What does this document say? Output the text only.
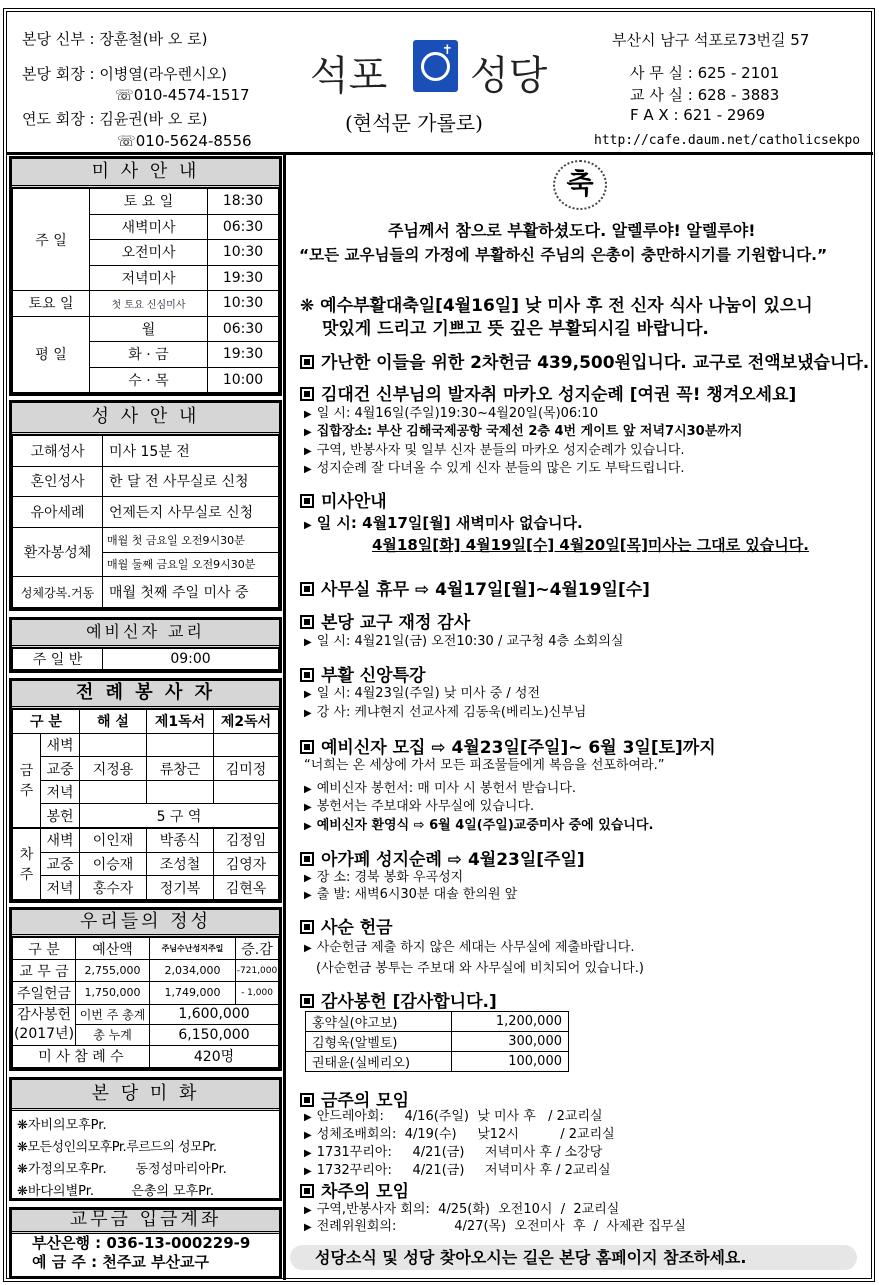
본당 신부 : 장훈철(바 오 로)
본당 회장 : 이병열(라우렌시오)
☏010-4574-1517
연도 회장 : 김윤권(바 오 로)
☏010-5624-8556
석포
✝
성당
(현석문 가롤로)
부산시 남구 석포로73번길 57
사 무 실 : 625 - 2101
교 사 실 : 628 - 3883
F A X : 621 - 2969
http://cafe.daum.net/catholicsekpo
미 사 안 내
주 일	토 요 일	18:30
	새벽미사	06:30
	오전미사	10:30
	저녁미사	19:30
토요 일	첫 토요 신심미사	10:30
평 일	월	06:30
	화 · 금	19:30
	수 · 목	10:00
성 사 안 내
고해성사	미사 15분 전
혼인성사	한 달 전 사무실로 신청
유아세례	언제든지 사무실로 신청
환자봉성체	매월 첫 금요일 오전9시30분
	매월 둘째 금요일 오전9시30분
성체강복.거동	매월 첫째 주일 미사 중
예비신자 교리
주 일 반	09:00
전 례 봉 사 자
구 분		해 설	제1독서	제2독서
금 주	새벽			
	교중	지정용	류창근	김미정
	저녁			
	봉헌	5 구 역		
차 주	새벽	이인재	박종식	김정임
	교중	이승재	조성철	김영자
	저녁	홍수자	정기복	김현옥
우리들의 정성
구 분	예산액	주님수난성지주일	증.감
교 무 금	2,755,000	2,034,000	-721,000
주일헌금	1,750,000	1,749,000	- 1,000
감사봉헌 (2017년)	이번 주 총계	1,600,000	
	총 누계	6,150,000	
미 사 참 례 수		420명	
본 당 미 화
❋자비의모후Pr.
❋모든성인의모후Pr.루르드의 성모Pr.
❋가정의모후Pr.       동정성마리아Pr.
❋바다의별Pr.         은총의 모후Pr.
교무금 입금계좌
부산은행 : 036-13-000229-9
예 금 주 : 천주교 부산교구
축
주님께서 참으로 부활하셨도다. 알렐루야! 알렐루야!
“모든 교우님들의 가정에 부활하신 주님의 은총이 충만하시기를 기원합니다.”
❋ 예수부활대축일[4월16일] 낮 미사 후 전 신자 식사 나눔이 있으니
맛있게 드리고 기쁘고 뜻 깊은 부활되시길 바랍니다.
가난한 이들을 위한 2차헌금 439,500원입니다. 교구로 전액보냈습니다.
김대건 신부님의 발자취 마카오 성지순례 [여권 꼭! 챙겨오세요]
▶ 일 시: 4월16일(주일)19:30~4월20일(목)06:10
▶ 집합장소: 부산 김해국제공항 국제선 2층 4번 게이트 앞 저녁7시30분까지
▶ 구역, 반봉사자 및 일부 신자 분들의 마카오 성지순례가 있습니다.
▶ 성지순례 잘 다녀올 수 있게 신자 분들의 많은 기도 부탁드립니다.
미사안내
▶ 일 시: 4월17일[월] 새벽미사 없습니다.
4월18일[화] 4월19일[수] 4월20일[목]미사는 그대로 있습니다.
사무실 휴무 ⇨ 4월17일[월]~4월19일[수]
본당 교구 재정 감사
▶ 일 시: 4월21일(금) 오전10:30 / 교구청 4층 소회의실
부활 신앙특강
▶ 일 시: 4월23일(주일) 낮 미사 중 / 성전
▶ 강 사: 케냐현지 선교사제 김동욱(베리노)신부님
예비신자 모집 ⇨ 4월23일[주일]~ 6월 3일[토]까지
“너희는 온 세상에 가서 모든 피조물들에게 복음을 선포하여라.”
▶ 예비신자 봉헌서: 매 미사 시 봉헌서 받습니다.
▶ 봉헌서는 주보대와 사무실에 있습니다.
▶ 예비신자 환영식 ⇨ 6월 4일(주일)교중미사 중에 있습니다.
아가페 성지순례 ⇨ 4월23일[주일]
▶ 장 소: 경북 봉화 우곡성지
▶ 출 발: 새벽6시30분 대솔 한의원 앞
사순 헌금
▶ 사순헌금 제출 하지 않은 세대는 사무실에 제출바랍니다.
(사순헌금 봉투는 주보대 와 사무실에 비치되어 있습니다.)
감사봉헌 [감사합니다.]
홍약실(야고보)	1,200,000
김형욱(알벨토)	300,000
권태윤(실베리오)	100,000
금주의 모임
▶ 안드레아회:     4/16(주일)  낮 미사 후   / 2교리실
▶ 성체조배회의:  4/19(수)     낮12시          / 2교리실
▶ 1731꾸리아:     4/21(금)     저녁미사 후 / 소강당
▶ 1732꾸리아:     4/21(금)     저녁미사 후 / 2교리실
차주의 모임
▶ 구역,반봉사자 회의:  4/25(화)  오전10시  /  2교리실
▶ 전례위원회의:              4/27(목)  오전미사  후  /  사제관 집무실
성당소식 및 성당 찾아오시는 길은 본당 홈페이지 참조하세요.
